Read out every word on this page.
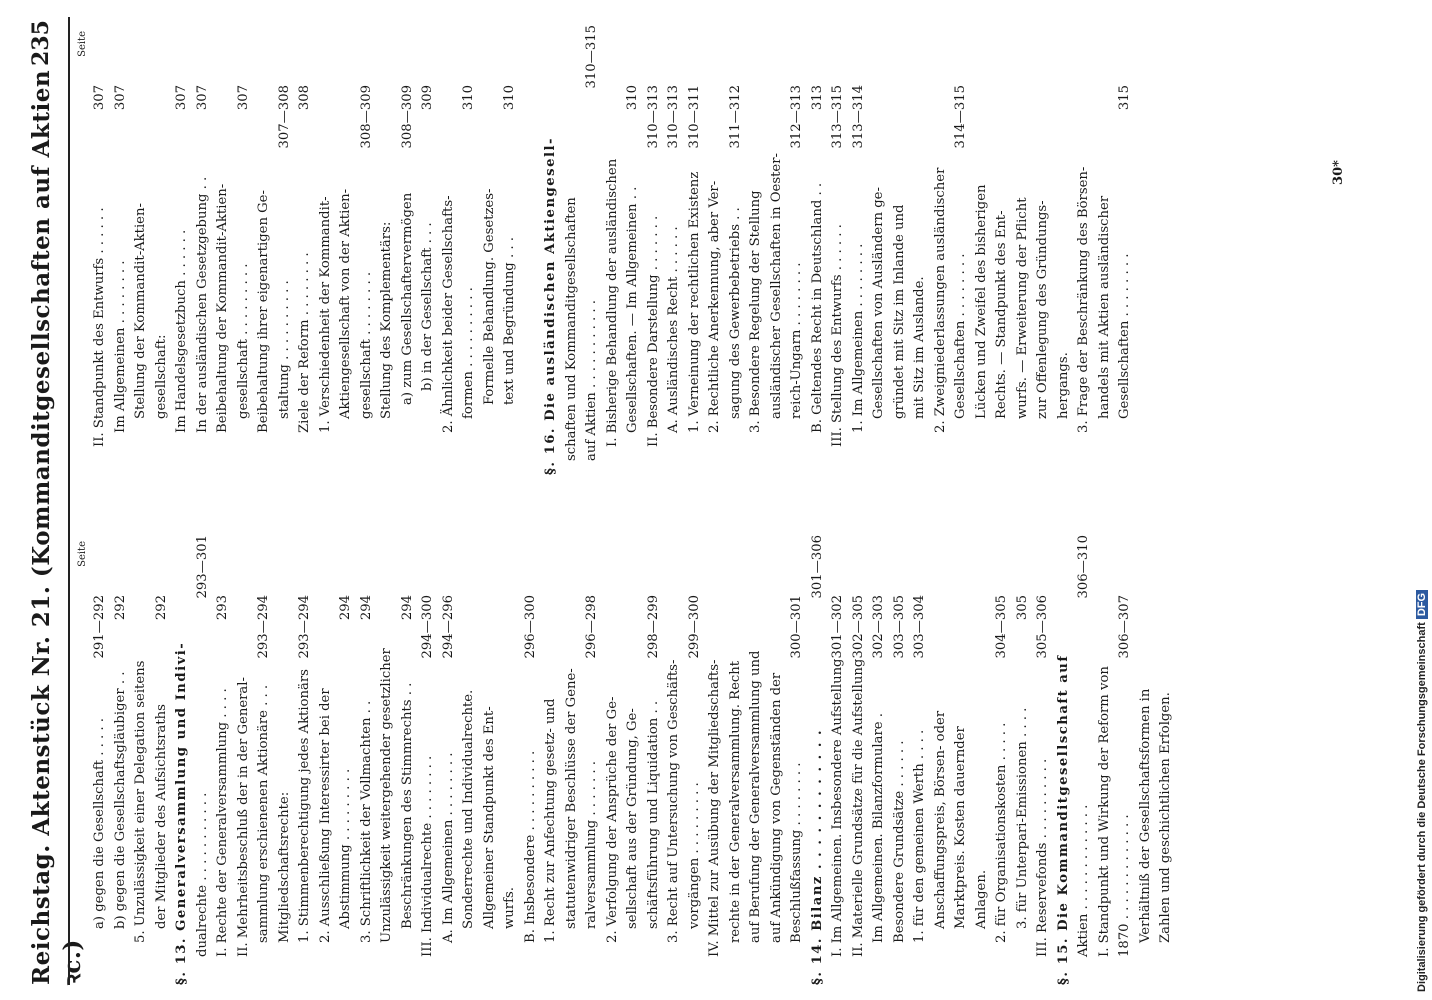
Reichstag. Aktenstück Nr. 21. (Kommanditgesellschaften auf Aktien ꝛc.)
235
Seite
a) gegen die Gesellschaft . . . . .
291—292
b) gegen die Gesellschaftsgläubiger . .
292
5. Unzulässigkeit einer Delegation seitens der Mitglieder des Aufsichtsraths
292
§. 13. Generalversammlung und Indivi- dualrechte . . . . . . . . . . .
293—301
I. Rechte der Generalversammlung . . . .
293
II. Mehrheitsbeschluß der in der General- sammlung erschienenen Aktionäre . . .
293—294
Mitgliedschaftsrechte: 1. Stimmenberechtigung jedes Aktionärs
293—294
2. Ausschließung Interessirter bei der Abstimmung . . . . . . . . .
294
3. Schriftlichkeit der Vollmachten . .
294
Unzulässigkeit weitergehender gesetzlicher Beschränkungen des Stimmrechts . .
294
III. Individualrechte . . . . . . . .
294—300
A. Im Allgemeinen . . . . . . . .
294—296
Sonderrechte und Individualrechte. Allgemeiner Standpunkt des Ent- wurfs. B. Insbesondere . . . . . . . . . .
296—300
1. Recht zur Anfechtung gesetz- und statutenwidriger Beschlüsse der Gene- ralversammlung . . . . . . .
296—298
2. Verfolgung der Ansprüche der Ge- sellschaft aus der Gründung, Ge- schäftsführung und Liquidation . .
298—299
3. Recht auf Untersuchung von Geschäfts- vorgängen . . . . . . . . .
299—300
IV. Mittel zur Ausübung der Mitgliedschafts- rechte in der Generalversammlung. Recht auf Berufung der Generalversammlung und auf Ankündigung von Gegenständen der Beschlußfassung . . . . . . . .
300—301
§. 14. Bilanz . . . . . . . . . . . .
301—306
I. Im Allgemeinen. Insbesondere Aufstellung
301—302
II. Materielle Grundsätze für die Aufstellung
302—305
Im Allgemeinen. Bilanzformulare .
302—303
Besondere Grundsätze . . . . . .
303—305
1. für den gemeinen Werth . . . .
303—304
Anschaffungspreis, Börsen- oder Marktpreis. Kosten dauernder Anlagen. 2. für Organisationskosten . . . . .
304—305
3. für Unterpari-Emissionen . . . .
305
III. Reservefonds . . . . . . . . . .
305—306
§. 15. Die Kommanditgesellschaft auf Aktien . . . . . . . . . . . . .
306—310
I. Standpunkt und Wirkung der Reform von 1870 . . . . . . . . . . . . .
306—307
Verhältniß der Gesellschaftsformen in Zahlen und geschichtlichen Erfolgen.
Seite
II. Standpunkt des Entwurfs . . . . . .
307
Im Allgemeinen . . . . . . . .
307
Stellung der Kommandit-Aktien- gesellschaft: Im Handelsgesetzbuch . . . . . .
307
In der ausländischen Gesetzgebung . .
307
Beibehaltung der Kommandit-Aktien- gesellschaft . . . . . . . . .
307
Beibehaltung ihrer eigenartigen Ge- staltung . . . . . . . . . .
307—308
Ziele der Reform . . . . . . . .
308
1. Verschiedenheit der Kommandit- Aktiengesellschaft von der Aktien- gesellschaft . . . . . . . .
308—309
Stellung des Komplementärs: a) zum Gesellschaftervermögen
308—309
b) in der Gesellschaft . . .
309
2. Ähnlichkeit beider Gesellschafts- formen . . . . . . . . . .
310
Formelle Behandlung. Gesetzes- text und Begründung . . .
310
§. 16. Die ausländischen Aktiengesell- schaften und Kommanditgesellschaften auf Aktien . . . . . . . . . . .
310—315
I. Bisherige Behandlung der ausländischen Gesellschaften. — Im Allgemeinen . .
310
II. Besondere Darstellung . . . . . . .
310—313
A. Ausländisches Recht . . . . . .
310—313
1. Verneinung der rechtlichen Existenz
310—311
2. Rechtliche Anerkennung, aber Ver- sagung des Gewerbebetriebs . .
311—312
3. Besondere Regelung der Stellung ausländischer Gesellschaften in Oester- reich-Ungarn . . . . . . . .
312—313
B. Geltendes Recht in Deutschland . .
313
III. Stellung des Entwurfs . . . . . .
313—315
1. Im Allgemeinen . . . . . . . .
313—314
Gesellschaften von Ausländern ge- gründet mit Sitz im Inlande und mit Sitz im Auslande. 2. Zweigniederlassungen ausländischer Gesellschaften . . . . . . . .
314—315
Lücken und Zweifel des bisherigen Rechts. — Standpunkt des Ent- wurfs. — Erweiterung der Pflicht zur Offenlegung des Gründungs- hergangs. 3. Frage der Beschränkung des Börsen- handels mit Aktien ausländischer Gesellschaften . . . . . . . .
315
30*
Digitalisierung gefördert durch die Deutsche Forschungsgemeinschaft DFG
